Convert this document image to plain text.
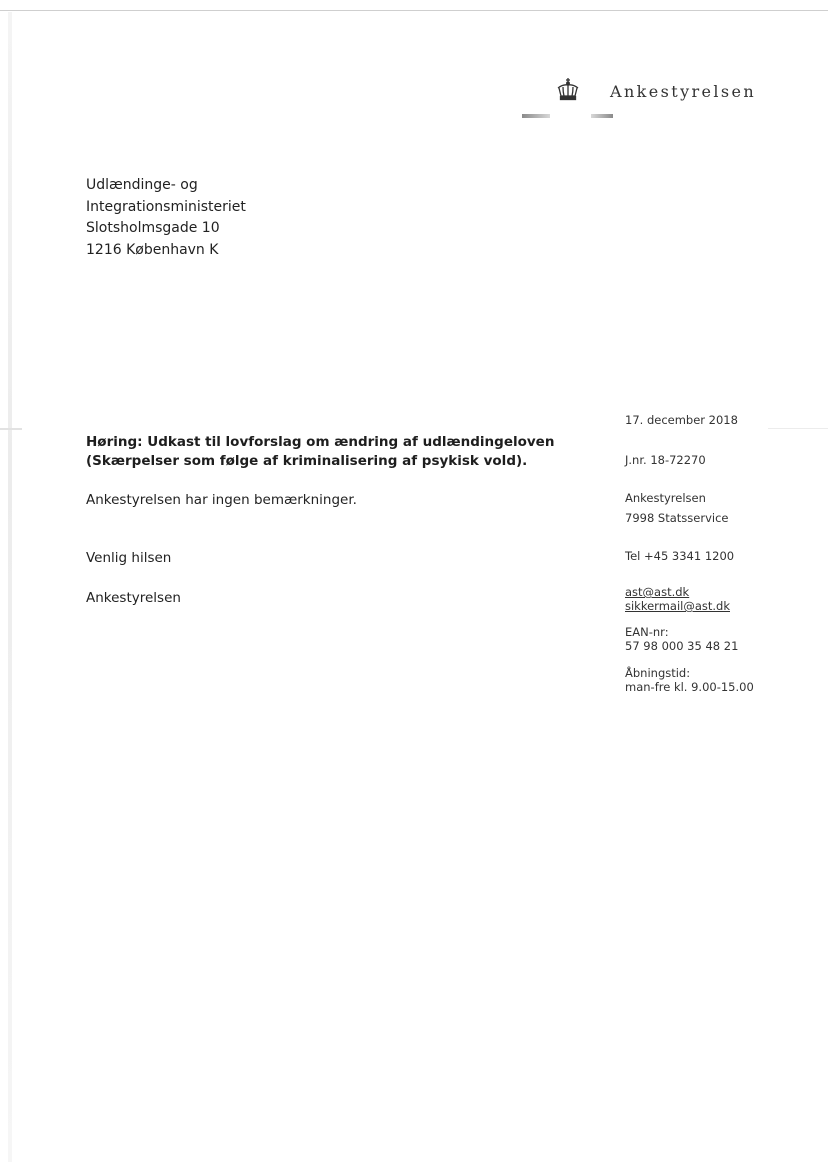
Ankestyrelsen
Udlændinge- og
Integrationsministeriet
Slotsholmsgade 10
1216 København K
Høring: Udkast til lovforslag om ændring af udlændingeloven
(Skærpelser som følge af kriminalisering af psykisk vold).
Ankestyrelsen har ingen bemærkninger.
Venlig hilsen
Ankestyrelsen
17. december 2018
J.nr. 18-72270
Ankestyrelsen
7998 Statsservice
Tel +45 3341 1200
ast@ast.dk
sikkermail@ast.dk
EAN-nr:
57 98 000 35 48 21
Åbningstid:
man-fre kl. 9.00-15.00
